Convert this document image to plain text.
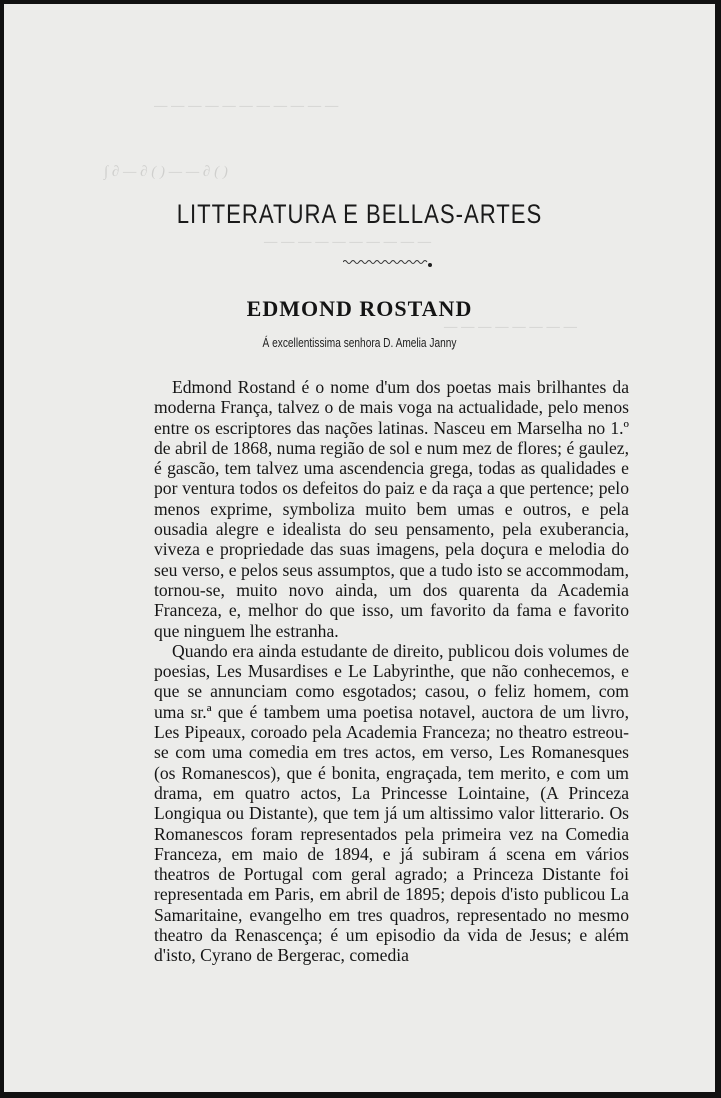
— — — — — — — — — — —
∫ ∂ — ∂ ( ) — — ∂ ( )
— — — — — — — — — —
— — — — — — — —
LITTERATURA E BELLAS-ARTES
EDMOND ROSTAND
Á excellentissima senhora D. Amelia Janny

Edmond Rostand é o nome d'um dos poetas mais brilhantes da moderna França, talvez o de mais voga na actualidade, pelo menos entre os escriptores das nações latinas. Nasceu em Marselha no 1.º de abril de 1868, numa região de sol e num mez de flores; é gaulez, é gascão, tem talvez uma ascendencia grega, todas as qualidades e por ventura todos os defeitos do paiz e da raça a que pertence; pelo menos exprime, symboliza muito bem umas e outros, e pela ousadia alegre e idealista do seu pensamento, pela exuberancia, viveza e propriedade das suas imagens, pela doçura e melodia do seu verso, e pelos seus assumptos, que a tudo isto se accommodam, tornou-se, muito novo ainda, um dos quarenta da Academia Franceza, e, melhor do que isso, um favorito da fama e favorito que ninguem lhe estranha.

Quando era ainda estudante de direito, publicou dois volumes de poesias, Les Musardises e Le Labyrinthe, que não conhecemos, e que se annunciam como esgotados; casou, o feliz homem, com uma sr.ª que é tambem uma poetisa notavel, auctora de um livro, Les Pipeaux, coroado pela Academia Franceza; no theatro estreou-se com uma comedia em tres actos, em verso, Les Romanesques (os Romanescos), que é bonita, engraçada, tem merito, e com um drama, em quatro actos, La Princesse Lointaine, (A Princeza Longiqua ou Distante), que tem já um altissimo valor litterario. Os Romanescos foram representados pela primeira vez na Comedia Franceza, em maio de 1894, e já subiram á scena em vários theatros de Portugal com geral agrado; a Princeza Distante foi representada em Paris, em abril de 1895; depois d'isto publicou La Samaritaine, evangelho em tres quadros, representado no mesmo theatro da Renascença; é um episodio da vida de Jesus; e além d'isto, Cyrano de Bergerac, comedia
